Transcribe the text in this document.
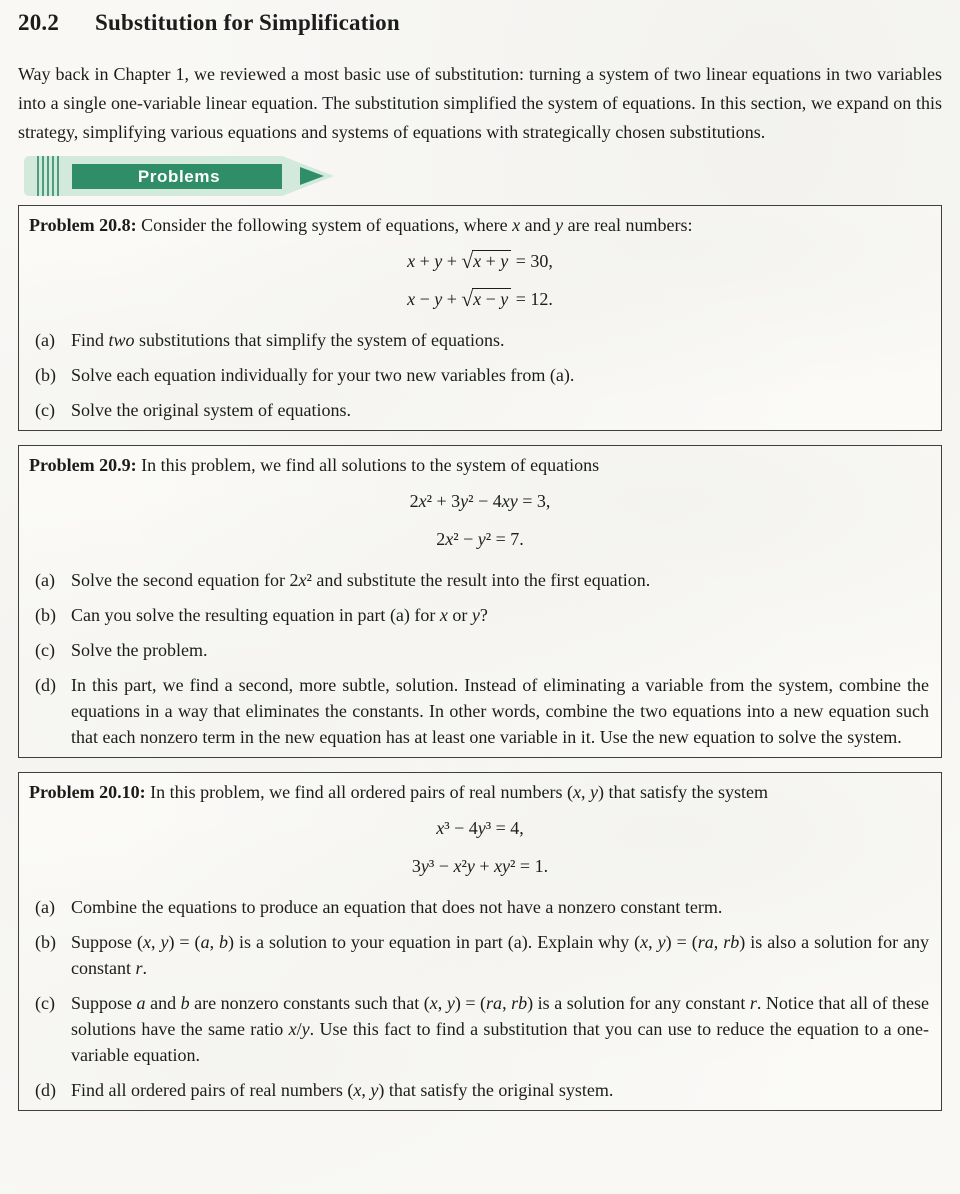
20.2 Substitution for Simplification

Way back in Chapter 1, we reviewed a most basic use of substitution: turning a system of two linear equations in two variables into a single one-variable linear equation. The substitution simplified the system of equations. In this section, we expand on this strategy, simplifying various equations and systems of equations with strategically chosen substitutions.

Problems

Problem 20.8: Consider the following system of equations, where x and y are real numbers:

x + y + √x + y = 30,
x − y + √x − y = 12.
(a) Find two substitutions that simplify the system of equations.
(b) Solve each equation individually for your two new variables from (a).
(c) Solve the original system of equations.

Problem 20.9: In this problem, we find all solutions to the system of equations

2x² + 3y² − 4xy = 3,
2x² − y² = 7.
(a) Solve the second equation for 2x² and substitute the result into the first equation.
(b) Can you solve the resulting equation in part (a) for x or y?
(c) Solve the problem.
(d) In this part, we find a second, more subtle, solution. Instead of eliminating a variable from the system, combine the equations in a way that eliminates the constants. In other words, combine the two equations into a new equation such that each nonzero term in the new equation has at least one variable in it. Use the new equation to solve the system.

Problem 20.10: In this problem, we find all ordered pairs of real numbers (x, y) that satisfy the system

x³ − 4y³ = 4,
3y³ − x²y + xy² = 1.
(a) Combine the equations to produce an equation that does not have a nonzero constant term.
(b) Suppose (x, y) = (a, b) is a solution to your equation in part (a). Explain why (x, y) = (ra, rb) is also a solution for any constant r.
(c) Suppose a and b are nonzero constants such that (x, y) = (ra, rb) is a solution for any constant r. Notice that all of these solutions have the same ratio x/y. Use this fact to find a substitution that you can use to reduce the equation to a one-variable equation.
(d) Find all ordered pairs of real numbers (x, y) that satisfy the original system.
